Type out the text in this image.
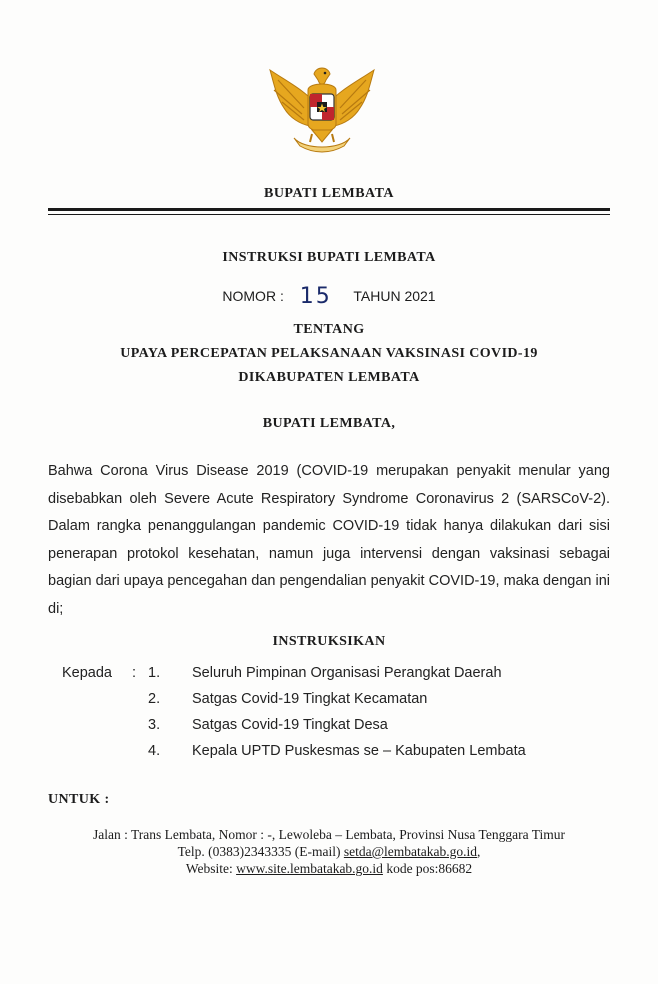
BUPATI LEMBATA
INSTRUKSI BUPATI LEMBATA
NOMOR : 15 TAHUN 2021
TENTANG
UPAYA PERCEPATAN PELAKSANAAN VAKSINASI COVID-19
DIKABUPATEN LEMBATA
BUPATI LEMBATA,
Bahwa Corona Virus Disease 2019 (COVID-19 merupakan penyakit menular yang disebabkan oleh Severe Acute Respiratory Syndrome Coronavirus 2 (SARSCoV-2). Dalam rangka penanggulangan pandemic COVID-19 tidak hanya dilakukan dari sisi penerapan protokol kesehatan, namun juga intervensi dengan vaksinasi sebagai bagian dari upaya pencegahan dan pengendalian penyakit COVID-19, maka dengan ini di;
INSTRUKSIKAN
Kepada : 1. Seluruh Pimpinan Organisasi Perangkat Daerah
2. Satgas Covid-19 Tingkat Kecamatan
3. Satgas Covid-19 Tingkat Desa
4. Kepala UPTD Puskesmas se – Kabupaten Lembata
UNTUK :
Jalan : Trans Lembata, Nomor : -, Lewoleba – Lembata, Provinsi Nusa Tenggara Timur
Telp. (0383)2343335 (E-mail) setda@lembatakab.go.id,
Website: www.site.lembatakab.go.id kode pos:86682
